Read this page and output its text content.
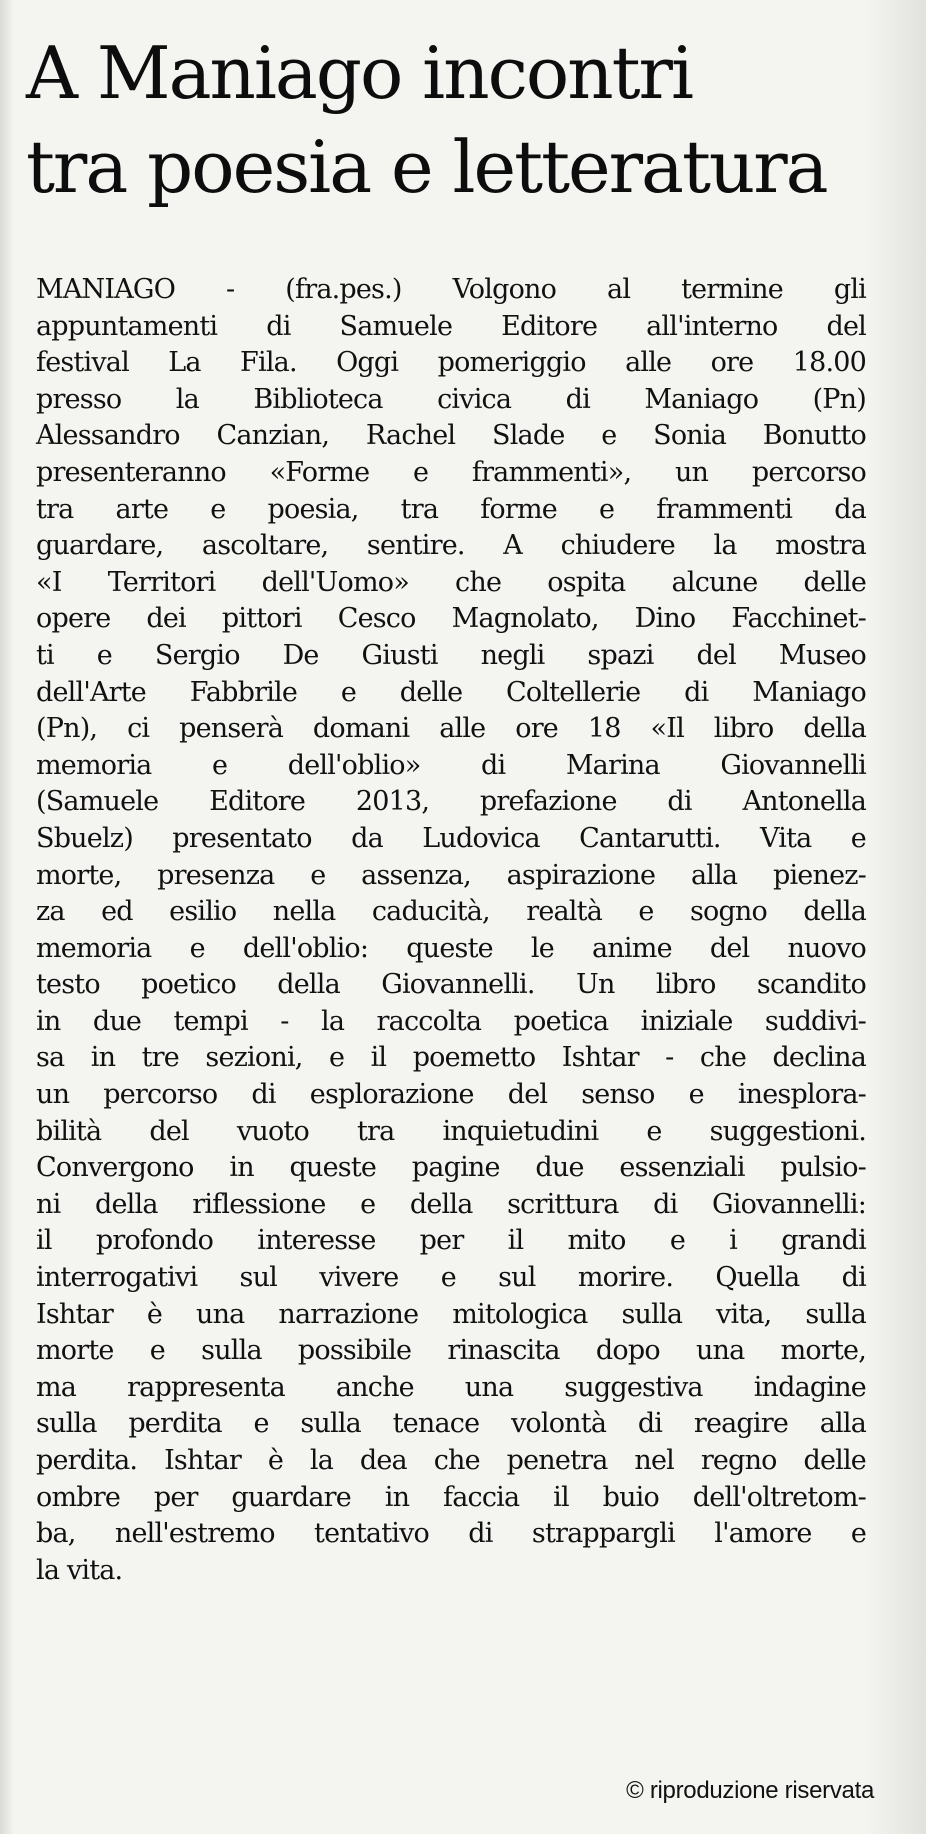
A Maniago incontri
tra poesia e letteratura
MANIAGO - (fra.pes.) Volgono al termine gli
appuntamenti di Samuele Editore all'interno del
festival La Fila. Oggi pomeriggio alle ore 18.00
presso la Biblioteca civica di Maniago (Pn)
Alessandro Canzian, Rachel Slade e Sonia Bonutto
presenteranno «Forme e frammenti», un percorso
tra arte e poesia, tra forme e frammenti da
guardare, ascoltare, sentire. A chiudere la mostra
«I Territori dell'Uomo» che ospita alcune delle
opere dei pittori Cesco Magnolato, Dino Facchinet-
ti e Sergio De Giusti negli spazi del Museo
dell'Arte Fabbrile e delle Coltellerie di Maniago
(Pn), ci penserà domani alle ore 18 «Il libro della
memoria e dell'oblio» di Marina Giovannelli
(Samuele Editore 2013, prefazione di Antonella
Sbuelz) presentato da Ludovica Cantarutti. Vita e
morte, presenza e assenza, aspirazione alla pienez-
za ed esilio nella caducità, realtà e sogno della
memoria e dell'oblio: queste le anime del nuovo
testo poetico della Giovannelli. Un libro scandito
in due tempi - la raccolta poetica iniziale suddivi-
sa in tre sezioni, e il poemetto Ishtar - che declina
un percorso di esplorazione del senso e inesplora-
bilità del vuoto tra inquietudini e suggestioni.
Convergono in queste pagine due essenziali pulsio-
ni della riflessione e della scrittura di Giovannelli:
il profondo interesse per il mito e i grandi
interrogativi sul vivere e sul morire. Quella di
Ishtar è una narrazione mitologica sulla vita, sulla
morte e sulla possibile rinascita dopo una morte,
ma rappresenta anche una suggestiva indagine
sulla perdita e sulla tenace volontà di reagire alla
perdita. Ishtar è la dea che penetra nel regno delle
ombre per guardare in faccia il buio dell'oltretom-
ba, nell'estremo tentativo di strappargli l'amore e
la vita.
© riproduzione riservata
